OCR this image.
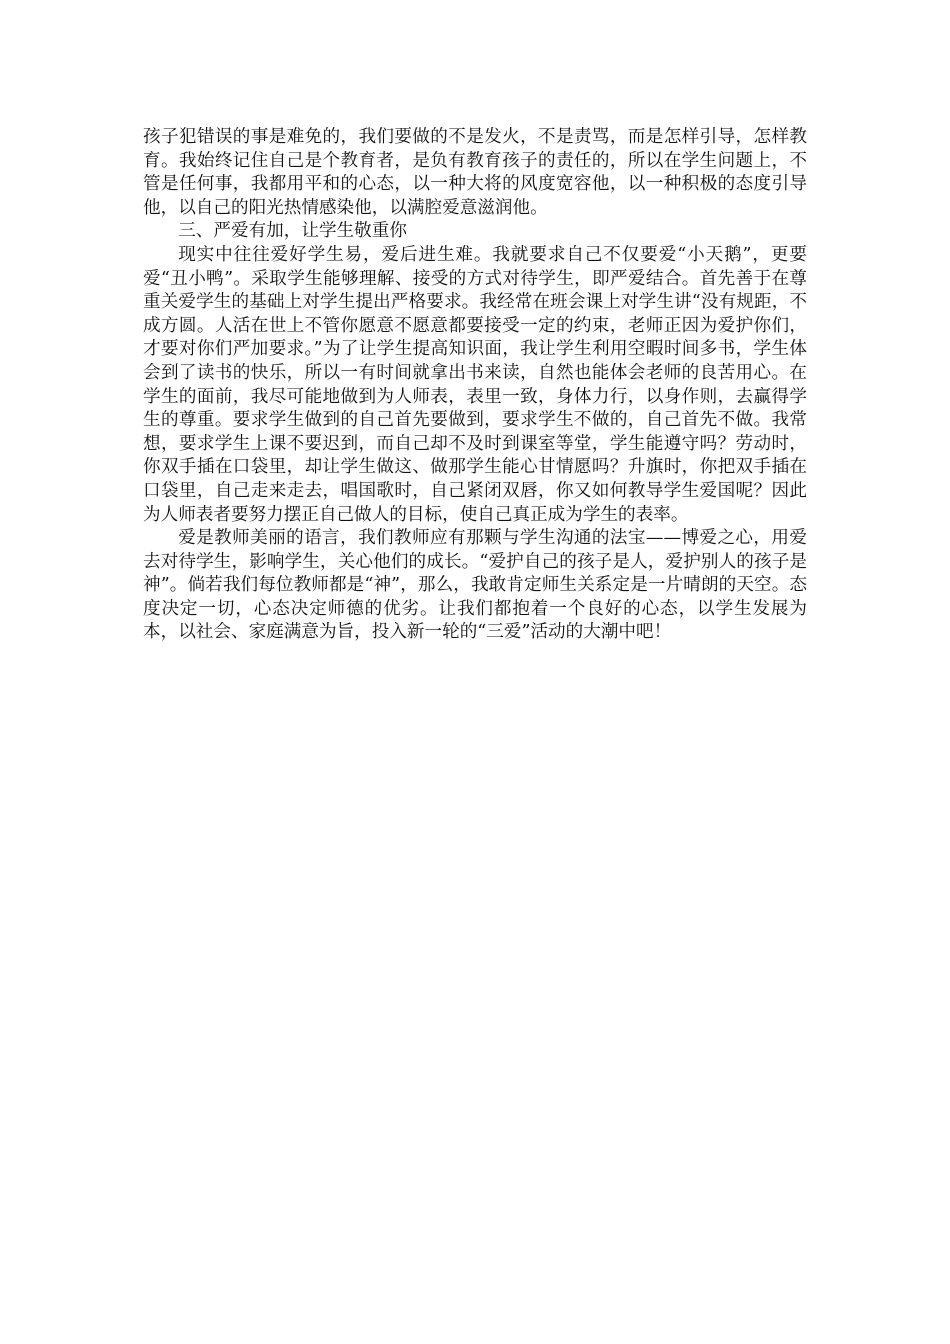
孩子犯错误的事是难免的，我们要做的不是发火，不是责骂，而是怎样引导，怎样教育。我始终记住自己是个教育者，是负有教育孩子的责任的，所以在学生问题上，不管是任何事，我都用平和的心态，以一种大将的风度宽容他，以一种积极的态度引导他，以自己的阳光热情感染他，以满腔爱意滋润他。

三、严爱有加，让学生敬重你

现实中往往爱好学生易，爱后进生难。我就要求自己不仅要爱“小天鹅”，更要爱“丑小鸭”。采取学生能够理解、接受的方式对待学生，即严爱结合。首先善于在尊重关爱学生的基础上对学生提出严格要求。我经常在班会课上对学生讲“没有规距，不成方圆。人活在世上不管你愿意不愿意都要接受一定的约束，老师正因为爱护你们，才要对你们严加要求。”为了让学生提高知识面，我让学生利用空暇时间多书，学生体会到了读书的快乐，所以一有时间就拿出书来读，自然也能体会老师的良苦用心。在学生的面前，我尽可能地做到为人师表，表里一致，身体力行，以身作则，去赢得学生的尊重。要求学生做到的自己首先要做到，要求学生不做的，自己首先不做。我常想，要求学生上课不要迟到，而自己却不及时到课室等堂，学生能遵守吗？劳动时，你双手插在口袋里，却让学生做这、做那学生能心甘情愿吗？升旗时，你把双手插在口袋里，自己走来走去，唱国歌时，自己紧闭双唇，你又如何教导学生爱国呢？因此为人师表者要努力摆正自己做人的目标，使自己真正成为学生的表率。

爱是教师美丽的语言，我们教师应有那颗与学生沟通的法宝——博爱之心，用爱去对待学生，影响学生，关心他们的成长。“爱护自己的孩子是人，爱护别人的孩子是神”。倘若我们每位教师都是“神”，那么，我敢肯定师生关系定是一片晴朗的天空。态度决定一切，心态决定师德的优劣。让我们都抱着一个良好的心态，以学生发展为本，以社会、家庭满意为旨，投入新一轮的“三爱”活动的大潮中吧！
